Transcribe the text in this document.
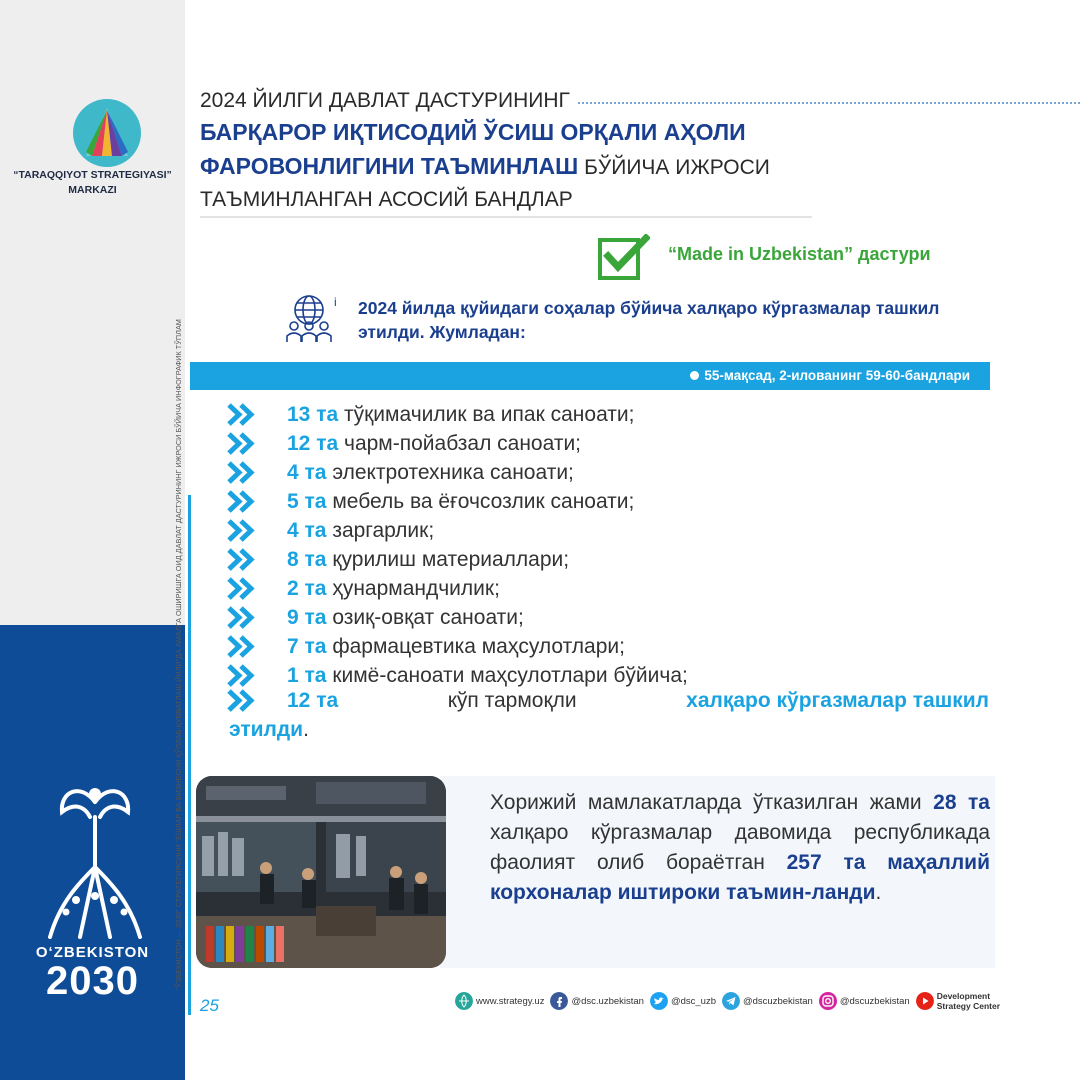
“TARAQQIYOT STRATEGIYASI”
MARKAZI
O‘ZBEKISTON
2030	“ЎЗБЕКИСТОН — 2030” СТРАТЕГИЯСИНИ “ЁШЛАР ВА БИЗНЕСНИ ҚЎЛЛАБ-ҚУВВАТЛАШ ЙИЛИ”ДА АМАЛГА ОШИРИШГА ОИД ДАВЛАТ ДАСТУРИНИНГ ИЖРОСИ БЎЙИЧА ИНФОГРАФИК ТЎПЛАМ
2024 ЙИЛГИ ДАВЛАТ ДАСТУРИНИНГ
БАРҚАРОР ИҚТИСОДИЙ ЎСИШ ОРҚАЛИ АҲОЛИ
ФАРОВОНЛИГИНИ ТАЪМИНЛАШ БЎЙИЧА ИЖРОСИ
ТАЪМИНЛАНГАН АСОСИЙ БАНДЛАР
“Made in Uzbekistan” дастури
i 2024 йилда қуйидаги соҳалар бўйича халқаро кўргазмалар ташкил этилди. Жумладан:
55-мақсад, 2-илованинг 59-60-бандлари
13 та тўқимачилик ва ипак саноати;
12 та чарм-пойабзал саноати;
4 та электротехника саноати;
5 та мебель ва ёғочсозлик саноати;
4 та заргарлик;
8 та қурилиш материаллари;
2 та ҳунармандчилик;
9 та озиқ-овқат саноати;
7 та фармацевтика маҳсулотлари;
1 та кимё-саноати маҳсулотлари бўйича;
12 та	кўп тармоқли	халқаро кўргазмалар ташкил
этилди.
Хорижий мамлакатларда ўтказилган жами 28 та халқаро кўргазмалар давомида республикада фаолият олиб бораётган 257 та маҳаллий корхоналар иштироки таъмин-ланди.
25	www.strategy.uz	@dsc.uzbekistan	@dsc_uzb	@dscuzbekistan	@dscuzbekistan	Development
Strategy Center
